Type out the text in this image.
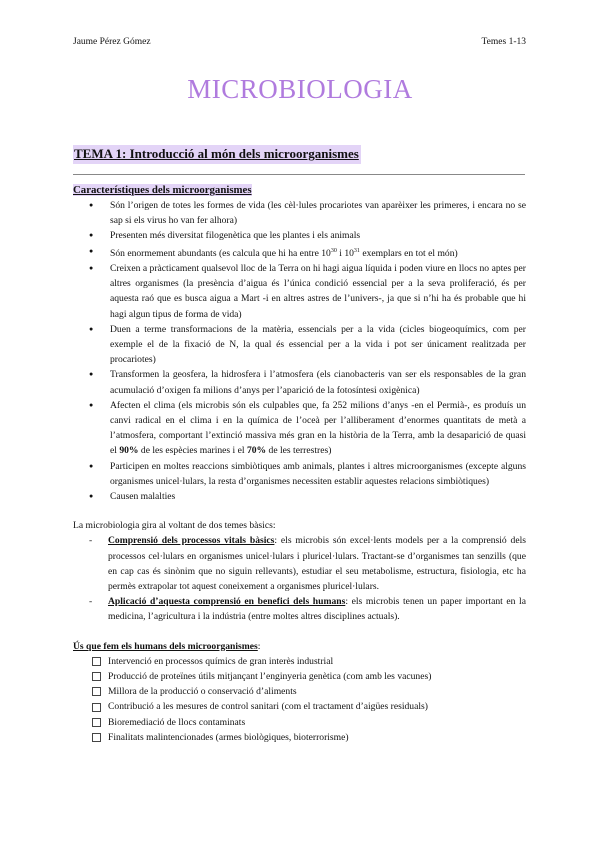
Jaume Pérez Gómez	Temes 1-13
MICROBIOLOGIA
TEMA 1: Introducció al món dels microorganismes

Característiques dels microorganismes

● Són l’origen de totes les formes de vida (les cèl·lules procariotes van aparèixer les primeres, i encara no se sap si els virus ho van fer alhora)
● Presenten més diversitat filogenètica que les plantes i els animals
● Són enormement abundants (es calcula que hi ha entre $10^{30}$ i $10^{31}$ exemplars en tot el món)
● Creixen a pràcticament qualsevol lloc de la Terra on hi hagi aigua líquida i poden viure en llocs no aptes per altres organismes (la presència d’aigua és l’única condició essencial per a la seva proliferació, és per aquesta raó que es busca aigua a Mart -i en altres astres de l’univers-, ja que si n’hi ha és probable que hi hagi algun tipus de forma de vida)
● Duen a terme transformacions de la matèria, essencials per a la vida (cicles biogeoquímics, com per exemple el de la fixació de N, la qual és essencial per a la vida i pot ser únicament realitzada per procariotes)
● Transformen la geosfera, la hidrosfera i l’atmosfera (els cianobacteris van ser els responsables de la gran acumulació d’oxigen fa milions d’anys per l’aparició de la fotosíntesi oxigènica)
● Afecten el clima (els microbis són els culpables que, fa 252 milions d’anys -en el Permià-, es produís un canvi radical en el clima i en la química de l’oceà per l’alliberament d’enormes quantitats de metà a l’atmosfera, comportant l’extinció massiva més gran en la història de la Terra, amb la desaparició de quasi el 90% de les espècies marines i el 70% de les terrestres)
● Participen en moltes reaccions simbiòtiques amb animals, plantes i altres microorganismes (excepte alguns organismes unicel·lulars, la resta d’organismes necessiten establir aquestes relacions simbiòtiques)
● Causen malalties

La microbiologia gira al voltant de dos temes bàsics:

- Comprensió dels processos vitals bàsics: els microbis són excel·lents models per a la comprensió dels processos cel·lulars en organismes unicel·lulars i pluricel·lulars. Tractant-se d’organismes tan senzills (que en cap cas és sinònim que no siguin rellevants), estudiar el seu metabolisme, estructura, fisiologia, etc ha permès extrapolar tot aquest coneixement a organismes pluricel·lulars.
- Aplicació d’aquesta comprensió en benefici dels humans: els microbis tenen un paper important en la medicina, l’agricultura i la indústria (entre moltes altres disciplines actuals).

Ús que fem els humans dels microorganismes:

Intervenció en processos químics de gran interès industrial
Producció de proteïnes útils mitjançant l’enginyeria genètica (com amb les vacunes)
Millora de la producció o conservació d’aliments
Contribució a les mesures de control sanitari (com el tractament d’aigües residuals)
Bioremediació de llocs contaminats
Finalitats malintencionades (armes biològiques, bioterrorisme)
